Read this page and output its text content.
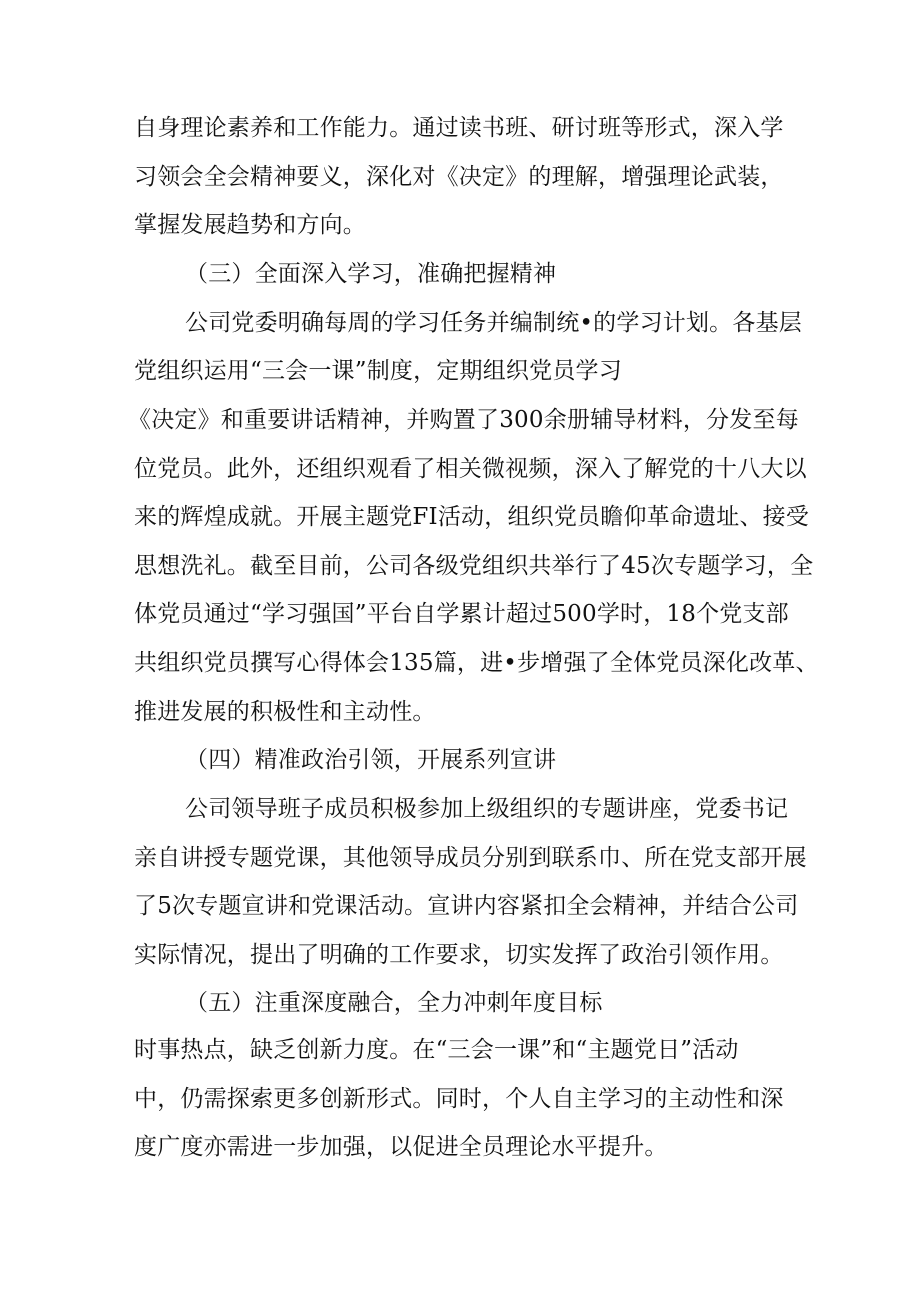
自身理论素养和工作能力。通过读书班、研讨班等形式，深入学
习领会全会精神要义，深化对《决定》的理解，增强理论武装，
掌握发展趋势和方向。
（三）全面深入学习，准确把握精神
公司党委明确每周的学习任务并编制统•的学习计划。各基层
党组织运用“三会一课”制度，定期组织党员学习
《决定》和重要讲话精神，并购置了300余册辅导材料，分发至每
位党员。此外，还组织观看了相关微视频，深入了解党的十八大以
来的辉煌成就。开展主题党FI活动，组织党员瞻仰革命遗址、接受
思想洗礼。截至目前，公司各级党组织共举行了45次专题学习，全
体党员通过“学习强国”平台自学累计超过500学时，18个党支部
共组织党员撰写心得体会135篇，进•步增强了全体党员深化改革、
推进发展的积极性和主动性。
（四）精准政治引领，开展系列宣讲
公司领导班子成员积极参加上级组织的专题讲座，党委书记
亲自讲授专题党课，其他领导成员分别到联系巾、所在党支部开展
了5次专题宣讲和党课活动。宣讲内容紧扣全会精神，并结合公司
实际情况，提出了明确的工作要求，切实发挥了政治引领作用。
（五）注重深度融合，全力冲刺年度目标
时事热点，缺乏创新力度。在“三会一课”和“主题党日”活动
中，仍需探索更多创新形式。同时，个人自主学习的主动性和深
度广度亦需进一步加强，以促进全员理论水平提升。
